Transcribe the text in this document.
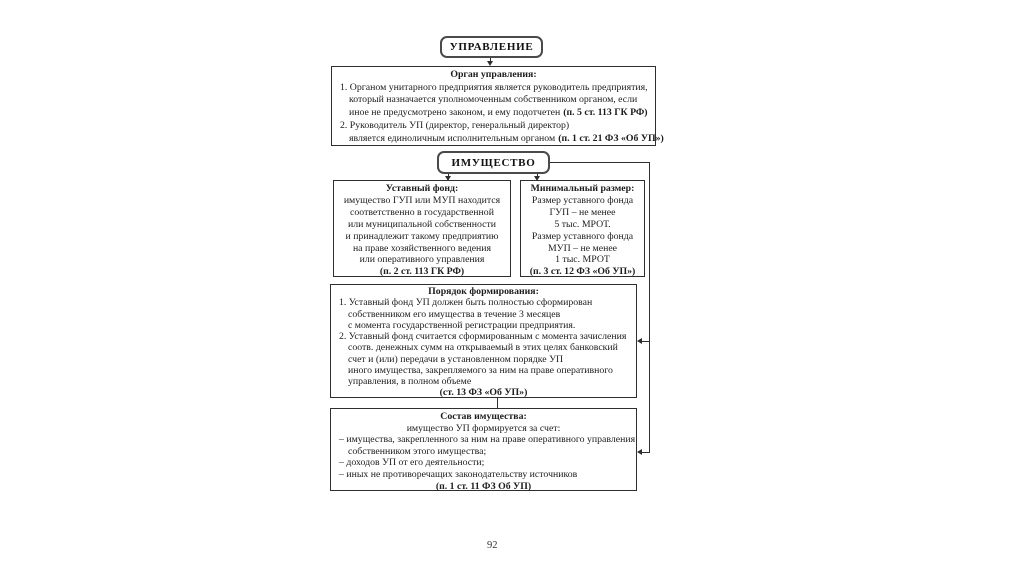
УПРАВЛЕНИЕ
Орган управления:
1. Органом унитарного предприятия является руководитель предприятия,
который назначается уполномоченным собственником органом, если
иное не предусмотрено законом, и ему подотчетен (п. 5 ст. 113 ГК РФ)
2. Руководитель УП (директор, генеральный директор)
является единоличным исполнительным органом (п. 1 ст. 21 ФЗ «Об УП»)
ИМУЩЕСТВО
Уставный фонд:
имущество ГУП или МУП находится
соответственно в государственной
или муниципальной собственности
и принадлежит такому предприятию
на праве хозяйственного ведения
или оперативного управления
(п. 2 ст. 113 ГК РФ)
Минимальный размер:
Размер уставного фонда
ГУП – не менее
5 тыс. МРОТ.
Размер уставного фонда
МУП – не менее
1 тыс. МРОТ
(п. 3 ст. 12 ФЗ «Об УП»)
Порядок формирования:
1. Уставный фонд УП должен быть полностью сформирован
собственником его имущества в течение 3 месяцев
с момента государственной регистрации предприятия.
2. Уставный фонд считается сформированным с момента зачисления
соотв. денежных сумм на открываемый в этих целях банковский
счет и (или) передачи в установленном порядке УП
иного имущества, закрепляемого за ним на праве оперативного
управления, в полном объеме
(ст. 13 ФЗ «Об УП»)
Состав имущества:
имущество УП формируется за счет:
– имущества, закрепленного за ним на праве оперативного управления
собственником этого имущества;
– доходов УП от его деятельности;
– иных не противоречащих законодательству источников
(п. 1 ст. 11 ФЗ Об УП)
92
